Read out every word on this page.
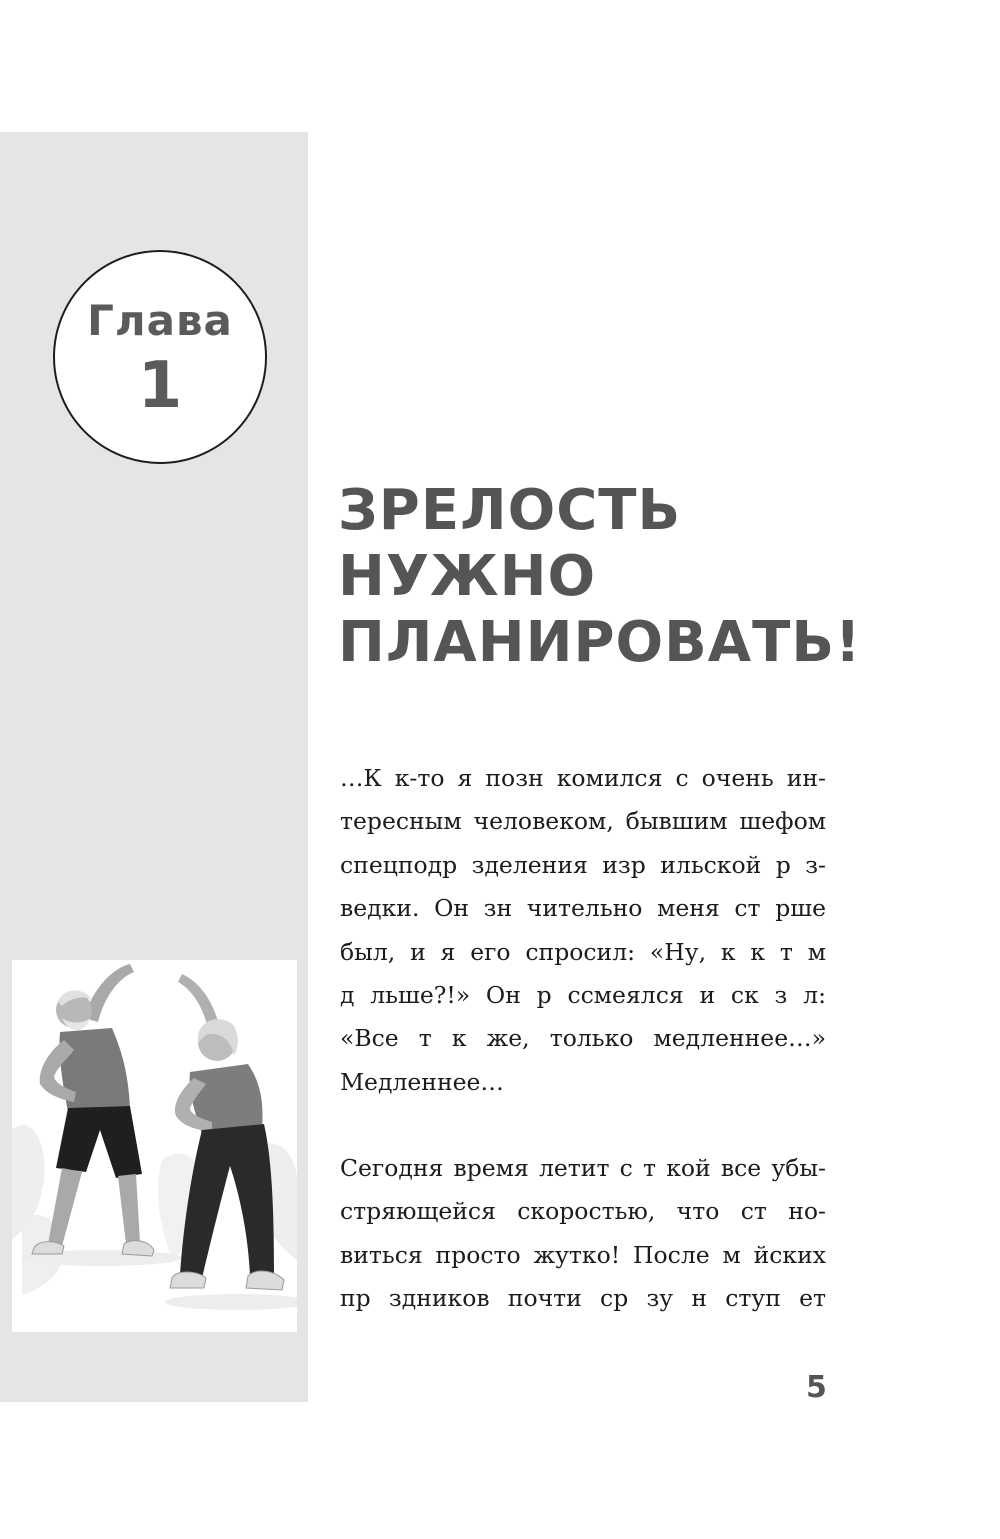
Глава
1
ЗРЕЛОСТЬ
НУЖНО
ПЛАНИРОВАТЬ!
…К к-то я позн комился с очень ин-
тересным человеком, бывшим шефом
спецподр зделения изр ильской р з-
ведки. Он зн чительно меня ст рше
был, и я его спросил: «Ну, к к т м
д льше?!» Он р ссмеялся и ск з л:
«Все т к же, только медленнее…»
Медленнее…
Сегодня время летит с т кой все убы-
стряющейся скоростью, что ст но-
виться просто жутко! После м йских
пр здников почти ср зу н ступ ет
5
